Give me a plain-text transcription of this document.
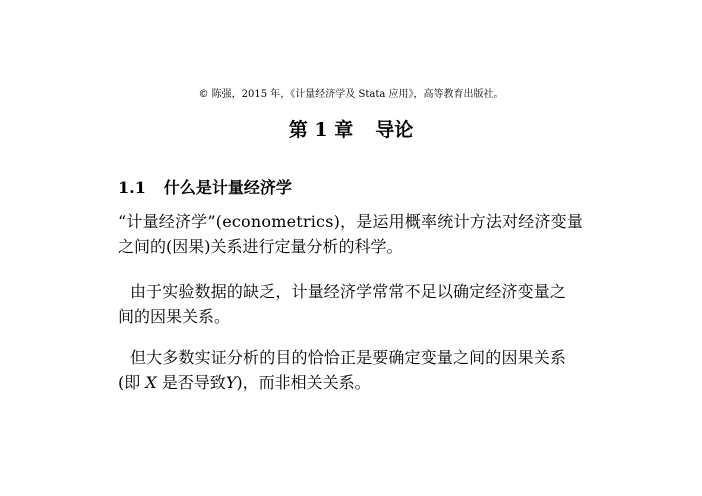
© 陈强，2015 年，《计量经济学及 Stata 应用》，高等教育出版社。
第 1 章 导论
1.1 什么是计量经济学

“计量经济学”(econometrics)，是运用概率统计方法对经济变量
之间的(因果)关系进行定量分析的科学。

由于实验数据的缺乏，计量经济学常常不足以确定经济变量之
间的因果关系。

但大多数实证分析的目的恰恰正是要确定变量之间的因果关系
(即 X 是否导致Y)，而非相关关系。
